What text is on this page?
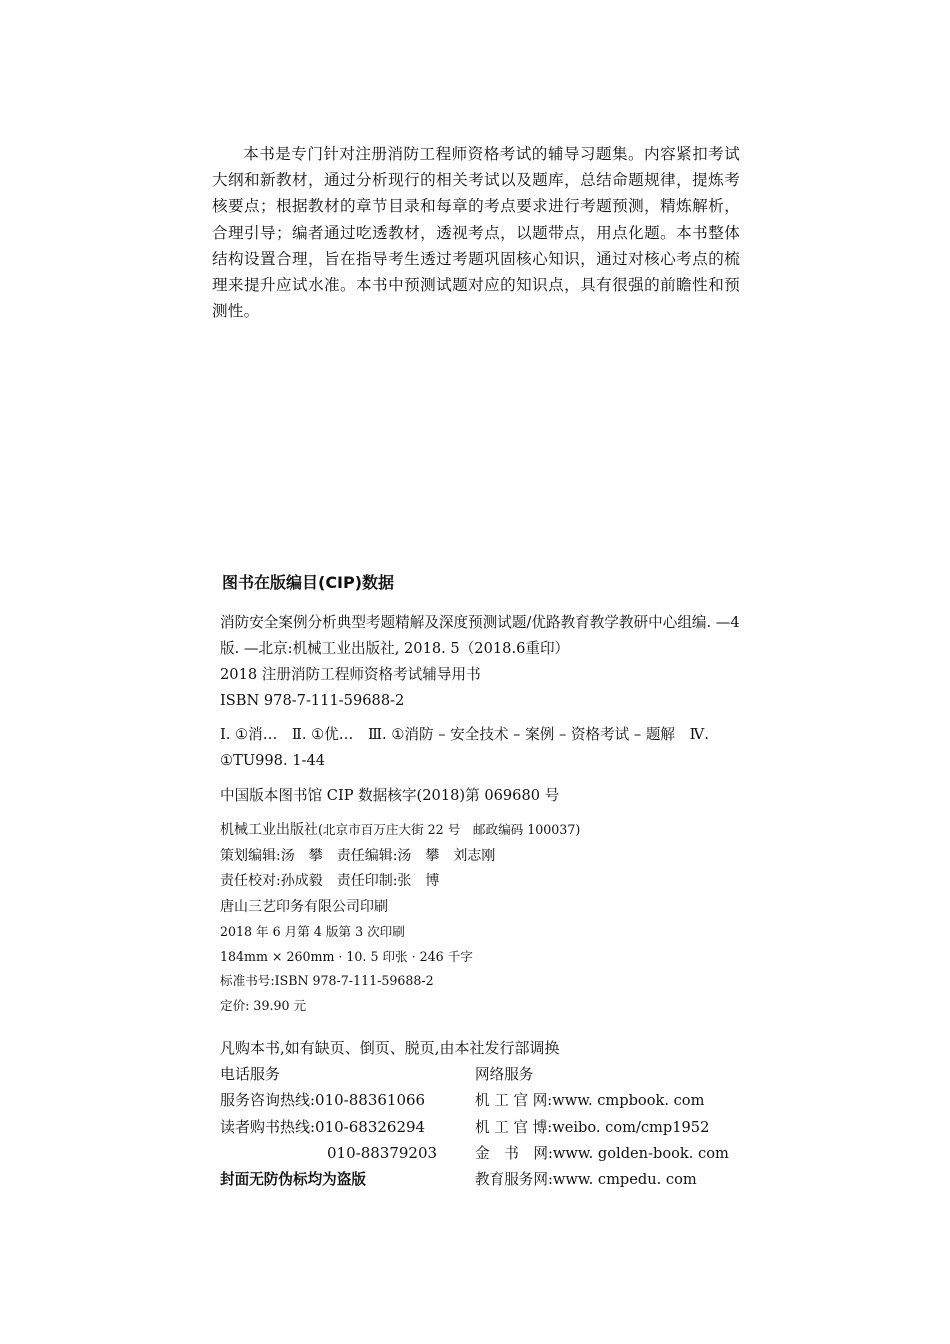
本书是专门针对注册消防工程师资格考试的辅导习题集。内容紧扣考试大纲和新教材，通过分析现行的相关考试以及题库，总结命题规律，提炼考核要点；根据教材的章节目录和每章的考点要求进行考题预测，精炼解析，合理引导；编者通过吃透教材，透视考点，以题带点，用点化题。本书整体结构设置合理，旨在指导考生透过考题巩固核心知识，通过对核心考点的梳理来提升应试水准。本书中预测试题对应的知识点，具有很强的前瞻性和预测性。
图书在版编目(CIP)数据
消防安全案例分析典型考题精解及深度预测试题/优路教育教学教研中心组编. —4版. —北京:机械工业出版社, 2018. 5（2018.6重印）
2018 注册消防工程师资格考试辅导用书
ISBN 978-7-111-59688-2
Ⅰ. ①消…　Ⅱ. ①优…　Ⅲ. ①消防 – 安全技术 – 案例 – 资格考试 – 题解　Ⅳ. ①TU998. 1-44
中国版本图书馆 CIP 数据核字(2018)第 069680 号
机械工业出版社(北京市百万庄大街 22 号　邮政编码 100037)
策划编辑:汤　攀 责任编辑:汤　攀　刘志刚
责任校对:孙成毅 责任印制:张　博
唐山三艺印务有限公司印刷
2018 年 6 月第 4 版第 3 次印刷
184mm × 260mm · 10. 5 印张 · 246 千字
标准书号:ISBN 978-7-111-59688-2
定价: 39.90 元
凡购本书,如有缺页、倒页、脱页,由本社发行部调换
电话服务	网络服务
服务咨询热线:010-88361066	机 工 官 网:www. cmpbook. com
读者购书热线:010-68326294	机 工 官 博:weibo. com/cmp1952
010-88379203	金　书　网:www. golden-book. com
封面无防伪标均为盗版	教育服务网:www. cmpedu. com
